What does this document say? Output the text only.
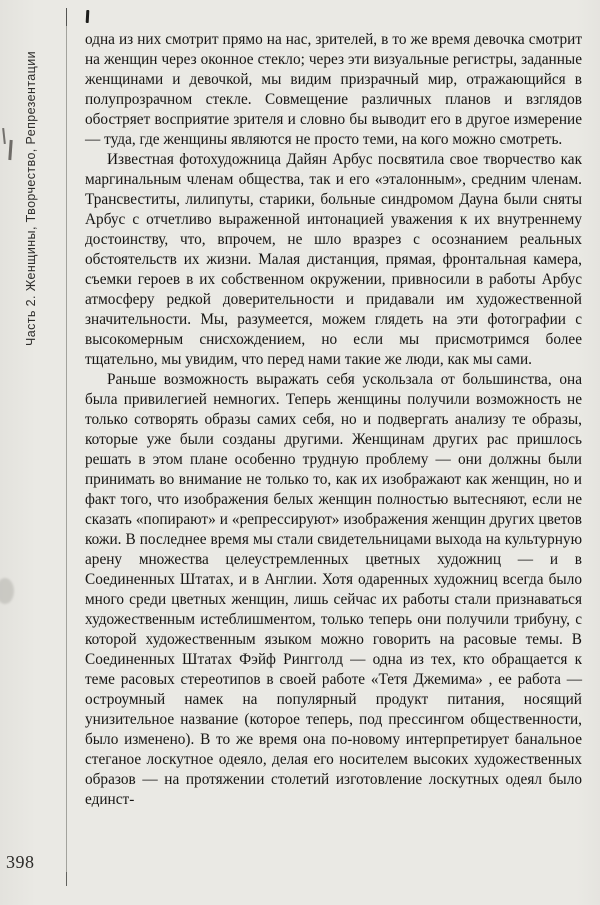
Часть 2. Женщины, Творчество, Репрезентации
398

одна из них смотрит прямо на нас, зрителей, в то же время девочка смотрит на женщин через оконное стекло; через эти визуальные регистры, заданные женщинами и девочкой, мы видим призрачный мир, отражающийся в полупрозрачном стекле. Совмещение различных планов и взглядов обостряет восприятие зрителя и словно бы выводит его в другое измерение — туда, где женщины являются не просто теми, на кого можно смотреть.

Известная фотохудожница Дайян Арбус посвятила свое творчество как маргинальным членам общества, так и его «эталонным», средним членам. Трансвеститы, лилипуты, старики, больные синдромом Дауна были сняты Арбус с отчетливо выраженной интонацией уважения к их внутреннему достоинству, что, впрочем, не шло вразрез с осознанием реальных обстоятельств их жизни. Малая дистанция, прямая, фронтальная камера, съемки героев в их собственном окружении, привносили в работы Арбус атмосферу редкой доверительности и придавали им художественной значительности. Мы, разумеется, можем глядеть на эти фотографии с высокомерным снисхождением, но если мы присмотримся более тщательно, мы увидим, что перед нами такие же люди, как мы сами.

Раньше возможность выражать себя ускользала от большинства, она была привилегией немногих. Теперь женщины получили возможность не только сотворять образы самих себя, но и подвергать анализу те образы, которые уже были созданы другими. Женщинам других рас пришлось решать в этом плане особенно трудную проблему — они должны были принимать во внимание не только то, как их изображают как женщин, но и факт того, что изображения белых женщин полностью вытесняют, если не сказать «попирают» и «репрессируют» изображения женщин других цветов кожи. В последнее время мы стали свидетельницами выхода на культурную арену множества целеустремленных цветных художниц — и в Соединенных Штатах, и в Англии. Хотя одаренных художниц всегда было много среди цветных женщин, лишь сейчас их работы стали признаваться художественным истеблишментом, только теперь они получили трибуну, с которой художественным языком можно говорить на расовые темы. В Соединенных Штатах Фэйф Рингголд — одна из тех, кто обращается к теме расовых стереотипов в своей работе «Тетя Джемима» , ее работа — остроумный намек на популярный продукт питания, носящий унизительное название (которое теперь, под прессингом общественности, было изменено). В то же время она по-новому интерпретирует банальное стеганое лоскутное одеяло, делая его носителем высоких художественных образов — на протяжении столетий изготовление лоскутных одеял было единст-
